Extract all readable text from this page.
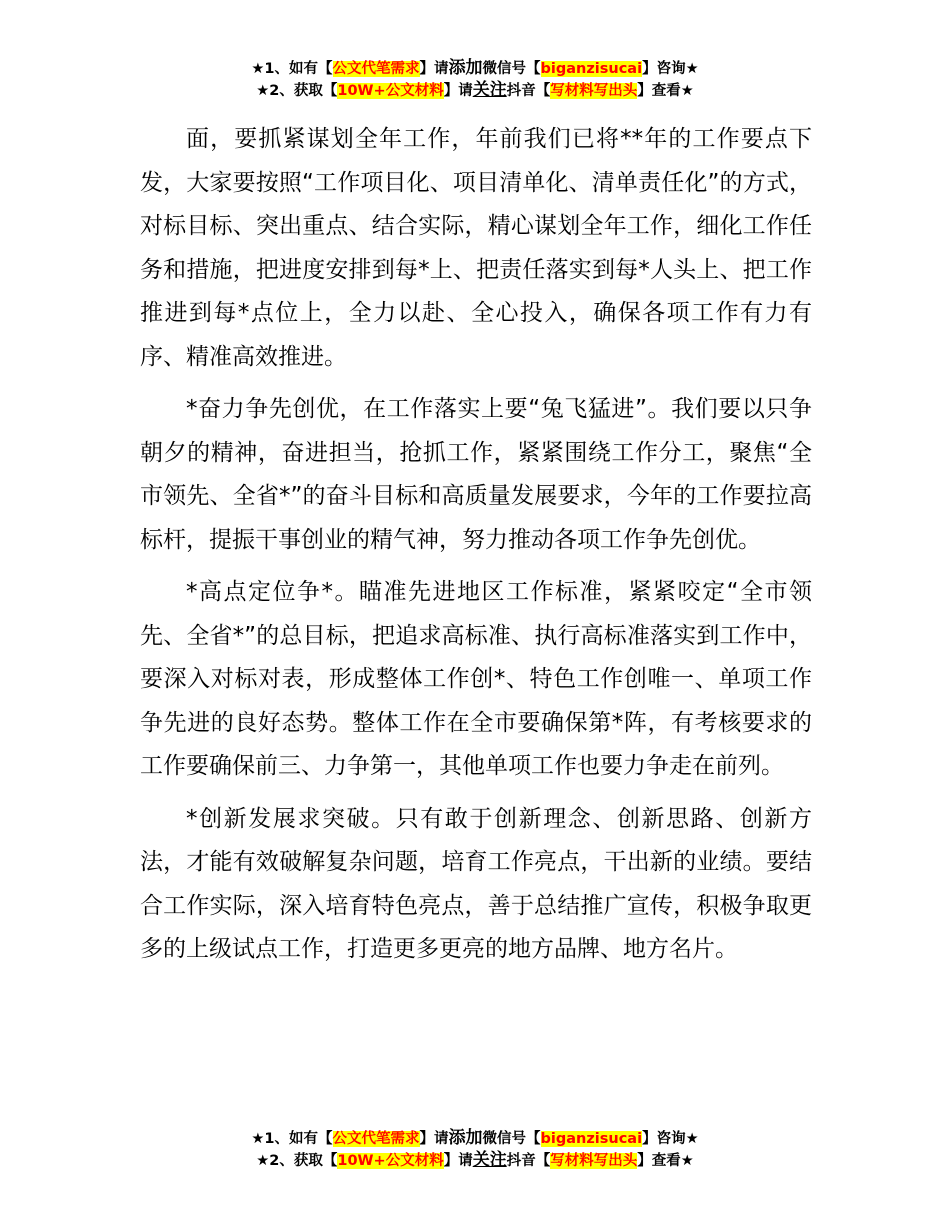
★1、如有【公文代笔需求】请添加微信号【biganzisucai】咨询★
★2、获取【10W+公文材料】请关注抖音【写材料写出头】查看★

面，要抓紧谋划全年工作，年前我们已将**年的工作要点下发，大家要按照“工作项目化、项目清单化、清单责任化”的方式，对标目标、突出重点、结合实际，精心谋划全年工作，细化工作任务和措施，把进度安排到每*上、把责任落实到每*人头上、把工作推进到每*点位上，全力以赴、全心投入，确保各项工作有力有序、精准高效推进。

*奋力争先创优，在工作落实上要“兔飞猛进”。我们要以只争朝夕的精神，奋进担当，抢抓工作，紧紧围绕工作分工，聚焦“全市领先、全省*”的奋斗目标和高质量发展要求，今年的工作要拉高标杆，提振干事创业的精气神，努力推动各项工作争先创优。

*高点定位争*。瞄准先进地区工作标准，紧紧咬定“全市领先、全省*”的总目标，把追求高标准、执行高标准落实到工作中，要深入对标对表，形成整体工作创*、特色工作创唯一、单项工作争先进的良好态势。整体工作在全市要确保第*阵，有考核要求的工作要确保前三、力争第一，其他单项工作也要力争走在前列。

*创新发展求突破。只有敢于创新理念、创新思路、创新方法，才能有效破解复杂问题，培育工作亮点，干出新的业绩。要结合工作实际，深入培育特色亮点，善于总结推广宣传，积极争取更多的上级试点工作，打造更多更亮的地方品牌、地方名片。

★1、如有【公文代笔需求】请添加微信号【biganzisucai】咨询★
★2、获取【10W+公文材料】请关注抖音【写材料写出头】查看★
